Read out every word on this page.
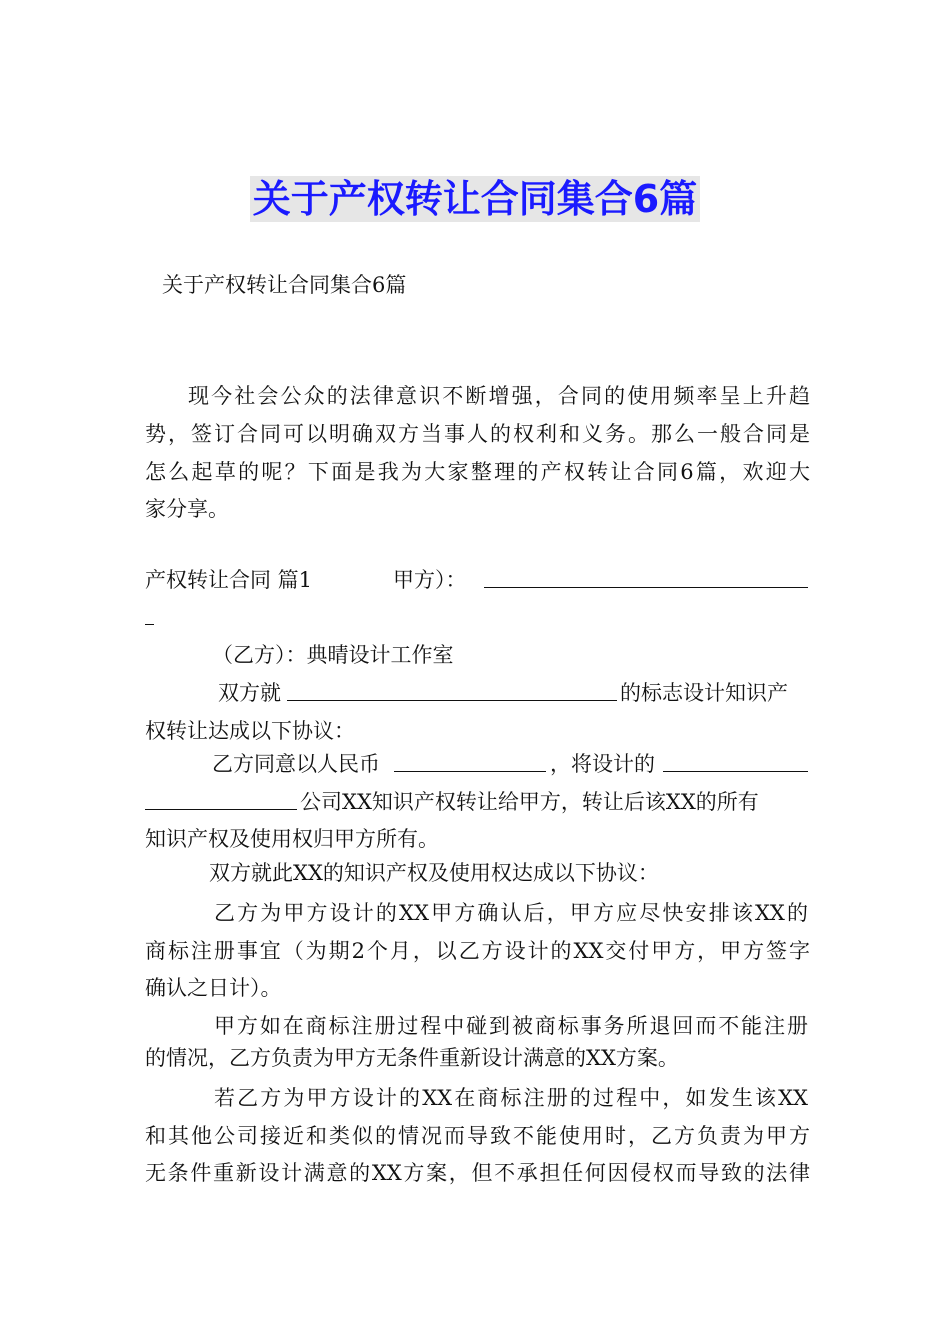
关于产权转让合同集合6篇
关于产权转让合同集合6篇
现今社会公众的法律意识不断增强，合同的使用频率呈上升趋
势，签订合同可以明确双方当事人的权利和义务。那么一般合同是
怎么起草的呢？下面是我为大家整理的产权转让合同6篇，欢迎大
家分享。
产权转让合同 篇1	甲方）：
（乙方）：典晴设计工作室
双方就	的标志设计知识产
权转让达成以下协议：
乙方同意以人民币	，将设计的
公司XX知识产权转让给甲方，转让后该XX的所有
知识产权及使用权归甲方所有。
双方就此XX的知识产权及使用权达成以下协议：
乙方为甲方设计的XX甲方确认后，甲方应尽快安排该XX的
商标注册事宜（为期2个月，以乙方设计的XX交付甲方，甲方签字
确认之日计）。
甲方如在商标注册过程中碰到被商标事务所退回而不能注册
的情况，乙方负责为甲方无条件重新设计满意的XX方案。
若乙方为甲方设计的XX在商标注册的过程中，如发生该XX
和其他公司接近和类似的情况而导致不能使用时，乙方负责为甲方
无条件重新设计满意的XX方案，但不承担任何因侵权而导致的法律
